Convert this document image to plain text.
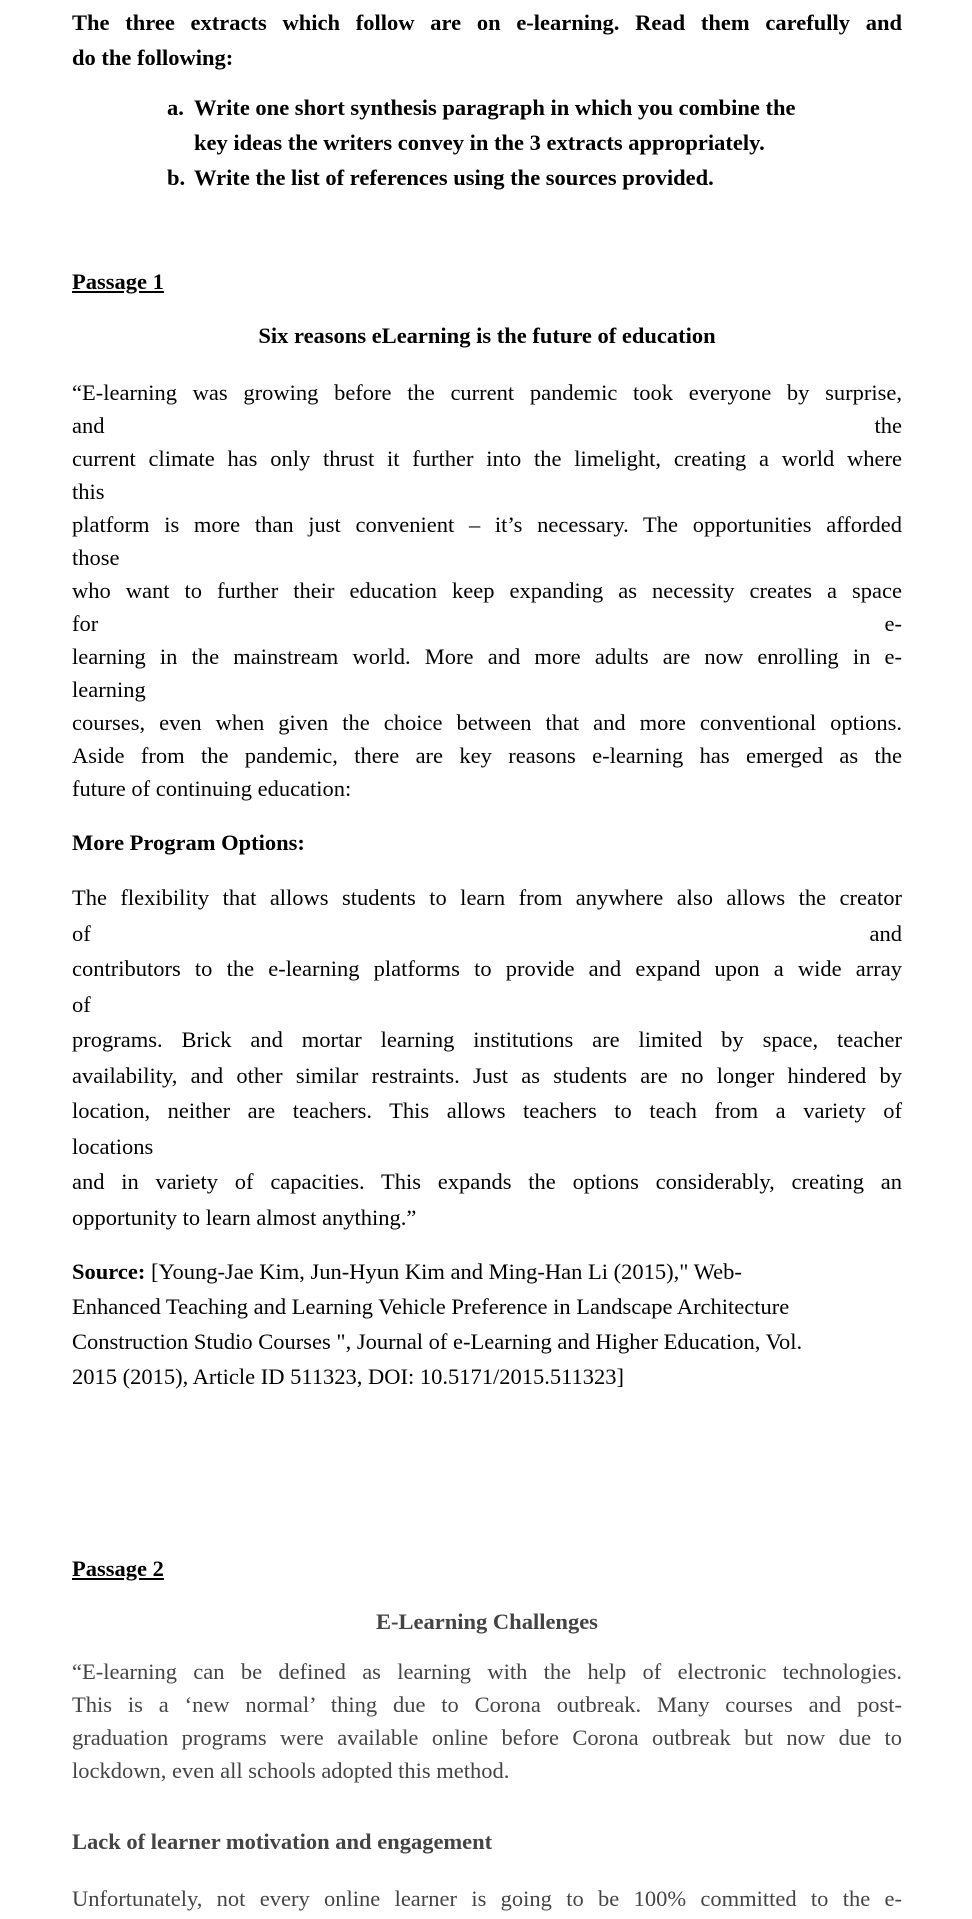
The three extracts which follow are on e-learning. Read them carefully and
do the following:
a. Write one short synthesis paragraph in which you combine the
key ideas the writers convey in the 3 extracts appropriately.
b. Write the list of references using the sources provided.
Passage 1
Six reasons eLearning is the future of education
“E-learning was growing before the current pandemic took everyone by surprise,
and	the
current climate has only thrust it further into the limelight, creating a world where
this
platform is more than just convenient – it’s necessary. The opportunities afforded
those
who want to further their education keep expanding as necessity creates a space
for	e-
learning in the mainstream world. More and more adults are now enrolling in e-
learning
courses, even when given the choice between that and more conventional options.
Aside from the pandemic, there are key reasons e-learning has emerged as the
future of continuing education:
More Program Options:
The flexibility that allows students to learn from anywhere also allows the creator
of	and
contributors to the e-learning platforms to provide and expand upon a wide array
of
programs. Brick and mortar learning institutions are limited by space, teacher
availability, and other similar restraints. Just as students are no longer hindered by
location, neither are teachers. This allows teachers to teach from a variety of
locations
and in variety of capacities. This expands the options considerably, creating an
opportunity to learn almost anything.”
Source: [Young-Jae Kim, Jun-Hyun Kim and Ming-Han Li (2015)," Web-
Enhanced Teaching and Learning Vehicle Preference in Landscape Architecture
Construction Studio Courses ", Journal of e-Learning and Higher Education, Vol.
2015 (2015), Article ID 511323, DOI: 10.5171/2015.511323]
Passage 2
E-Learning Challenges
“E-learning can be defined as learning with the help of electronic technologies.
This is a ‘new normal’ thing due to Corona outbreak. Many courses and post-
graduation programs were available online before Corona outbreak but now due to
lockdown, even all schools adopted this method.
Lack of learner motivation and engagement
Unfortunately, not every online learner is going to be 100% committed to the e-
